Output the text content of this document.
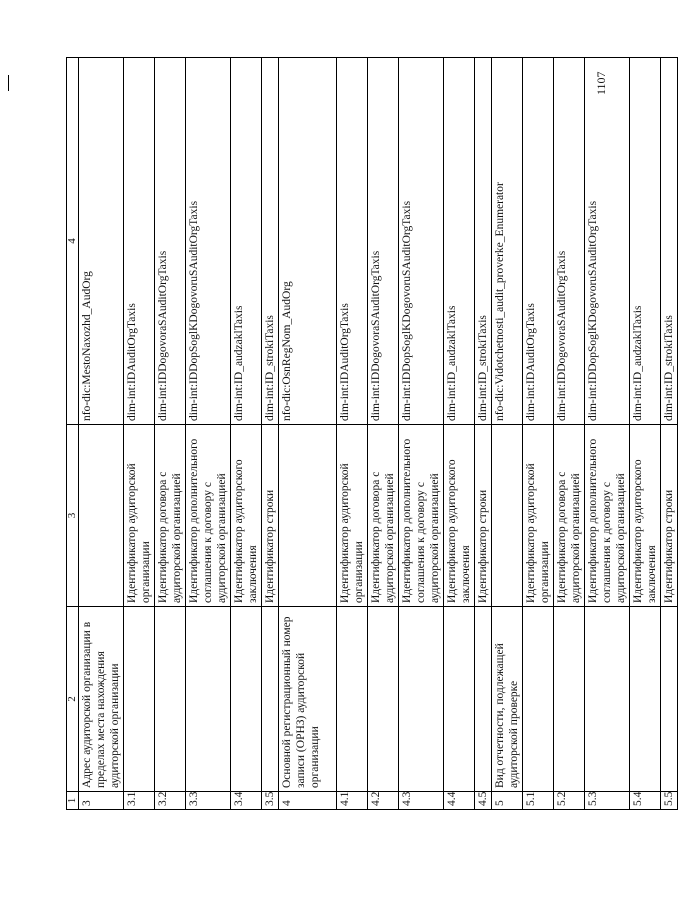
1	2	3	4
3	Адрес аудиторской организации в пределах места нахождения аудиторской организации		nfo-dic:MestoNaxozhd_AudOrg
3.1		Идентификатор аудиторской организации	dim-int:IDAuditOrgTaxis
3.2		Идентификатор договора с аудиторской организацией	dim-int:IDDogovoraSAuditOrgTaxis
3.3		Идентификатор дополнительного соглашения к договору с аудиторской организацией	dim-int:IDDopSoglKDogovoruSAuditOrgTaxis
3.4		Идентификатор аудиторского заключения	dim-int:ID_audzaklTaxis
3.5		Идентификатор строки	dim-int:ID_strokiTaxis
4	Основной регистрационный номер записи (ОРНЗ) аудиторской организации		nfo-dic:OsnRegNom_AudOrg
4.1		Идентификатор аудиторской организации	dim-int:IDAuditOrgTaxis
4.2		Идентификатор договора с аудиторской организацией	dim-int:IDDogovoraSAuditOrgTaxis
4.3		Идентификатор дополнительного соглашения к договору с аудиторской организацией	dim-int:IDDopSoglKDogovoruSAuditOrgTaxis
4.4		Идентификатор аудиторского заключения	dim-int:ID_audzaklTaxis
4.5		Идентификатор строки	dim-int:ID_strokiTaxis
5	Вид отчетности, подлежащей аудиторской проверке		nfo-dic:Vidotchetnosti_audit_proverke_Enumerator
5.1		Идентификатор аудиторской организации	dim-int:IDAuditOrgTaxis
5.2		Идентификатор договора с аудиторской организацией	dim-int:IDDogovoraSAuditOrgTaxis
5.3		Идентификатор дополнительного соглашения к договору с аудиторской организацией	dim-int:IDDopSoglKDogovoruSAuditOrgTaxis
5.4		Идентификатор аудиторского заключения	dim-int:ID_audzaklTaxis
5.5		Идентификатор строки	dim-int:ID_strokiTaxis
1107
